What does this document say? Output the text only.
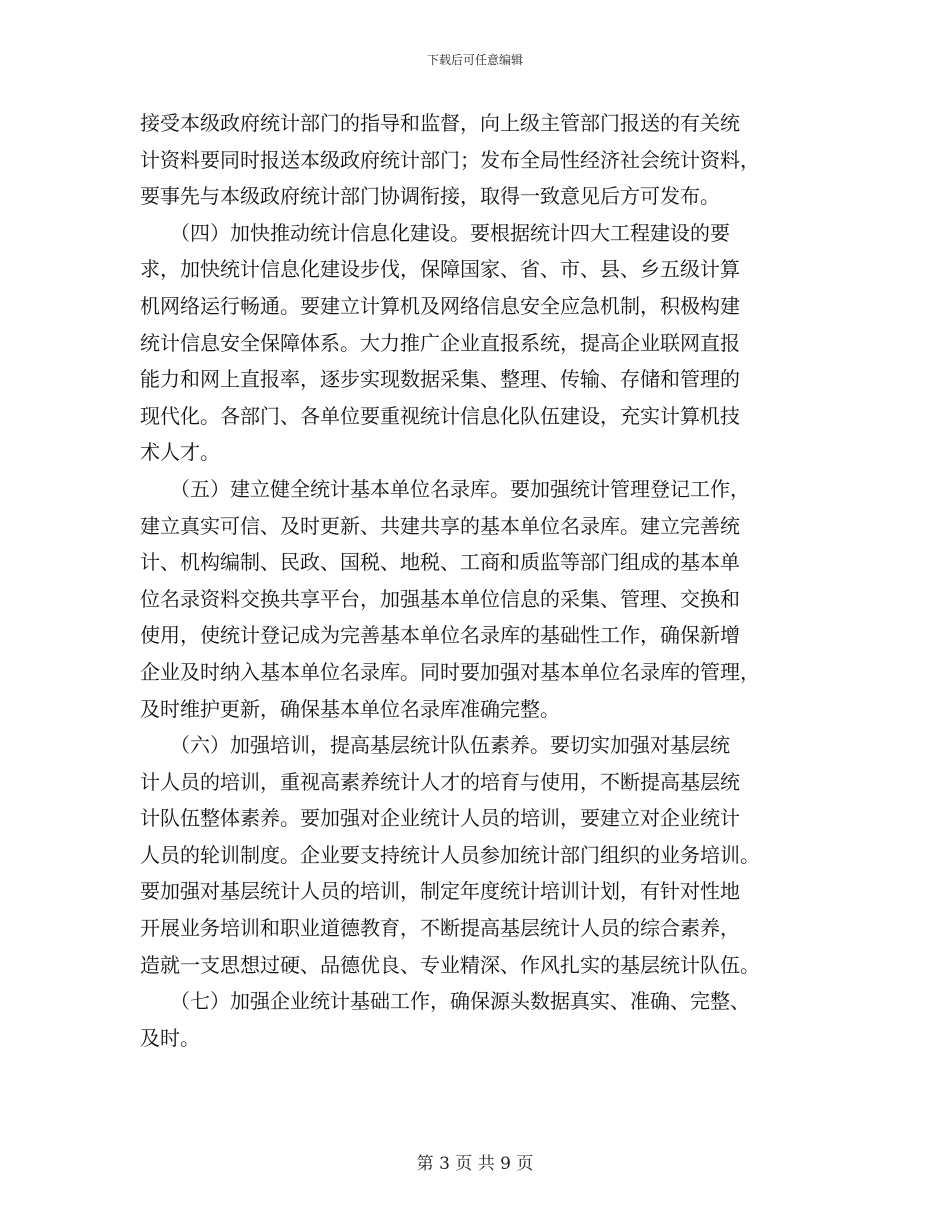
下载后可任意编辑
接受本级政府统计部门的指导和监督，向上级主管部门报送的有关统
计资料要同时报送本级政府统计部门；发布全局性经济社会统计资料，
要事先与本级政府统计部门协调衔接，取得一致意见后方可发布。
　　（四）加快推动统计信息化建设。要根据统计四大工程建设的要
求，加快统计信息化建设步伐，保障国家、省、市、县、乡五级计算
机网络运行畅通。要建立计算机及网络信息安全应急机制，积极构建
统计信息安全保障体系。大力推广企业直报系统，提高企业联网直报
能力和网上直报率，逐步实现数据采集、整理、传输、存储和管理的
现代化。各部门、各单位要重视统计信息化队伍建设，充实计算机技
术人才。
　　（五）建立健全统计基本单位名录库。要加强统计管理登记工作，
建立真实可信、及时更新、共建共享的基本单位名录库。建立完善统
计、机构编制、民政、国税、地税、工商和质监等部门组成的基本单
位名录资料交换共享平台，加强基本单位信息的采集、管理、交换和
使用，使统计登记成为完善基本单位名录库的基础性工作，确保新增
企业及时纳入基本单位名录库。同时要加强对基本单位名录库的管理，
及时维护更新，确保基本单位名录库准确完整。
　　（六）加强培训，提高基层统计队伍素养。要切实加强对基层统
计人员的培训，重视高素养统计人才的培育与使用，不断提高基层统
计队伍整体素养。要加强对企业统计人员的培训，要建立对企业统计
人员的轮训制度。企业要支持统计人员参加统计部门组织的业务培训。
要加强对基层统计人员的培训，制定年度统计培训计划，有针对性地
开展业务培训和职业道德教育，不断提高基层统计人员的综合素养，
造就一支思想过硬、品德优良、专业精深、作风扎实的基层统计队伍。
　　（七）加强企业统计基础工作，确保源头数据真实、准确、完整、
及时。
第 3 页 共 9 页
